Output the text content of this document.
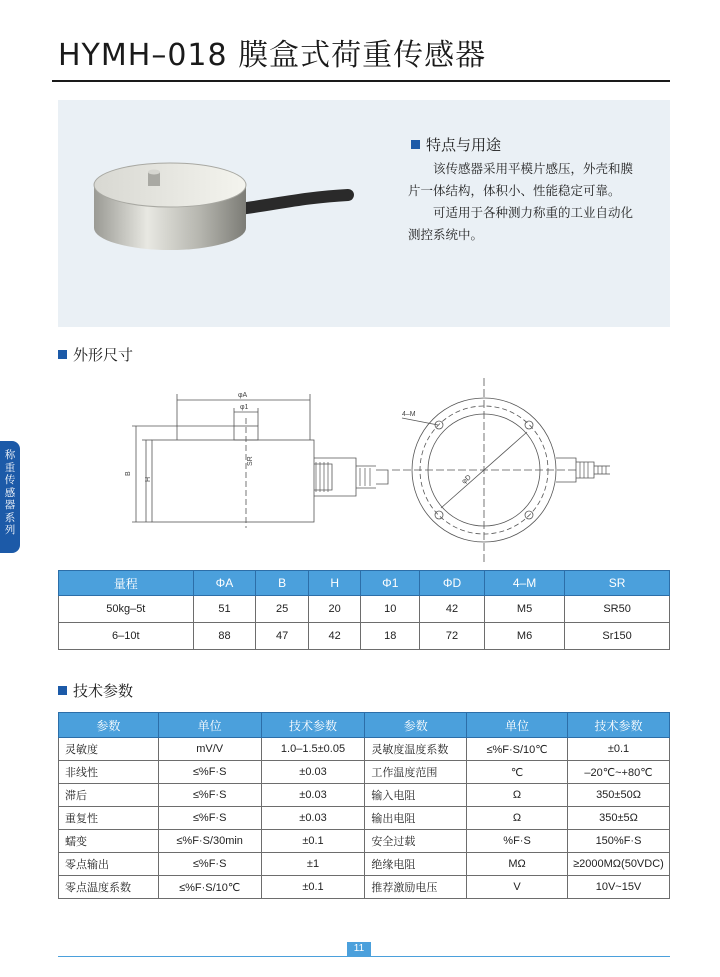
HYMH–018 膜盒式荷重传感器
特点与用途

该传感器采用平模片感压，外壳和膜片一体结构，体积小、性能稳定可靠。

可适用于各种测力称重的工业自动化测控系统中。

称重传感器系列
外形尺寸
φA
φ1
B
H
SR
4–M
φD
量程	ΦA	B	H	Φ1	ΦD	4–M	SR
50kg–5t	51	25	20	10	42	M5	SR50
6–10t	88	47	42	18	72	M6	Sr150
技术参数
参数	单位	技术参数	参数	单位	技术参数
灵敏度	mV/V	1.0–1.5±0.05	灵敏度温度系数	≤%F·S/10℃	±0.1
非线性	≤%F·S	±0.03	工作温度范围	℃	–20℃~+80℃
滞后	≤%F·S	±0.03	输入电阻	Ω	350±50Ω
重复性	≤%F·S	±0.03	输出电阻	Ω	350±5Ω
蠕变	≤%F·S/30min	±0.1	安全过载	%F·S	150%F·S
零点输出	≤%F·S	±1	绝缘电阻	MΩ	≥2000MΩ(50VDC)
零点温度系数	≤%F·S/10℃	±0.1	推荐激励电压	V	10V~15V
11
